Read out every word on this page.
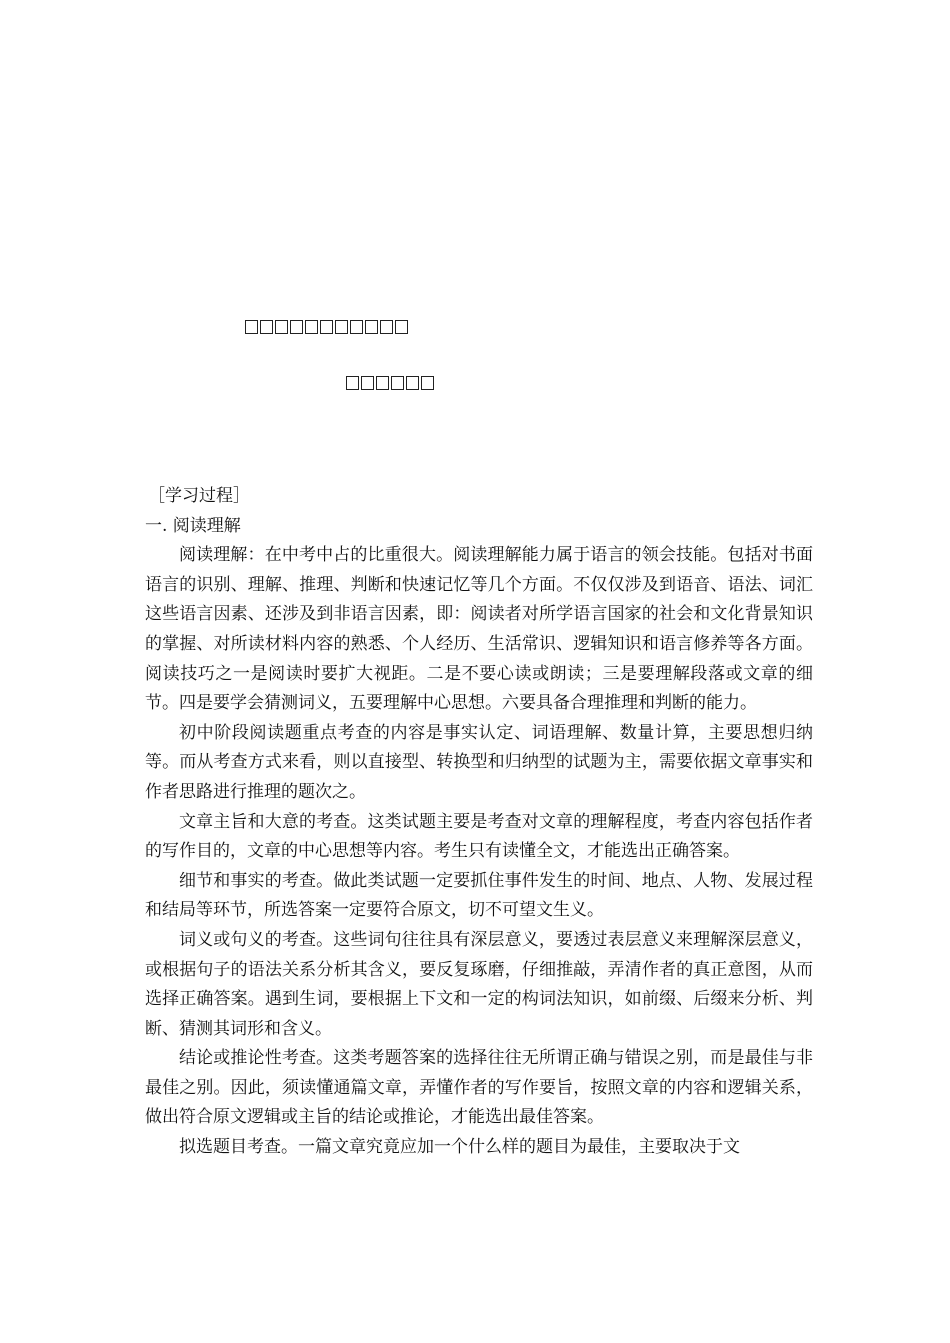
［学习过程］

一. 阅读理解

阅读理解：在中考中占的比重很大。阅读理解能力属于语言的领会技能。包括对书面语言的识别、理解、推理、判断和快速记忆等几个方面。不仅仅涉及到语音、语法、词汇这些语言因素、还涉及到非语言因素，即：阅读者对所学语言国家的社会和文化背景知识的掌握、对所读材料内容的熟悉、个人经历、生活常识、逻辑知识和语言修养等各方面。阅读技巧之一是阅读时要扩大视距。二是不要心读或朗读；三是要理解段落或文章的细节。四是要学会猜测词义，五要理解中心思想。六要具备合理推理和判断的能力。

初中阶段阅读题重点考查的内容是事实认定、词语理解、数量计算，主要思想归纳等。而从考查方式来看，则以直接型、转换型和归纳型的试题为主，需要依据文章事实和作者思路进行推理的题次之。

文章主旨和大意的考查。这类试题主要是考查对文章的理解程度，考查内容包括作者的写作目的，文章的中心思想等内容。考生只有读懂全文，才能选出正确答案。

细节和事实的考查。做此类试题一定要抓住事件发生的时间、地点、人物、发展过程和结局等环节，所选答案一定要符合原文，切不可望文生义。

词义或句义的考查。这些词句往往具有深层意义，要透过表层意义来理解深层意义，或根据句子的语法关系分析其含义，要反复琢磨，仔细推敲，弄清作者的真正意图，从而选择正确答案。遇到生词，要根据上下文和一定的构词法知识，如前缀、后缀来分析、判断、猜测其词形和含义。

结论或推论性考查。这类考题答案的选择往往无所谓正确与错误之别，而是最佳与非最佳之别。因此，须读懂通篇文章，弄懂作者的写作要旨，按照文章的内容和逻辑关系，做出符合原文逻辑或主旨的结论或推论，才能选出最佳答案。

拟选题目考查。一篇文章究竟应加一个什么样的题目为最佳，主要取决于文
